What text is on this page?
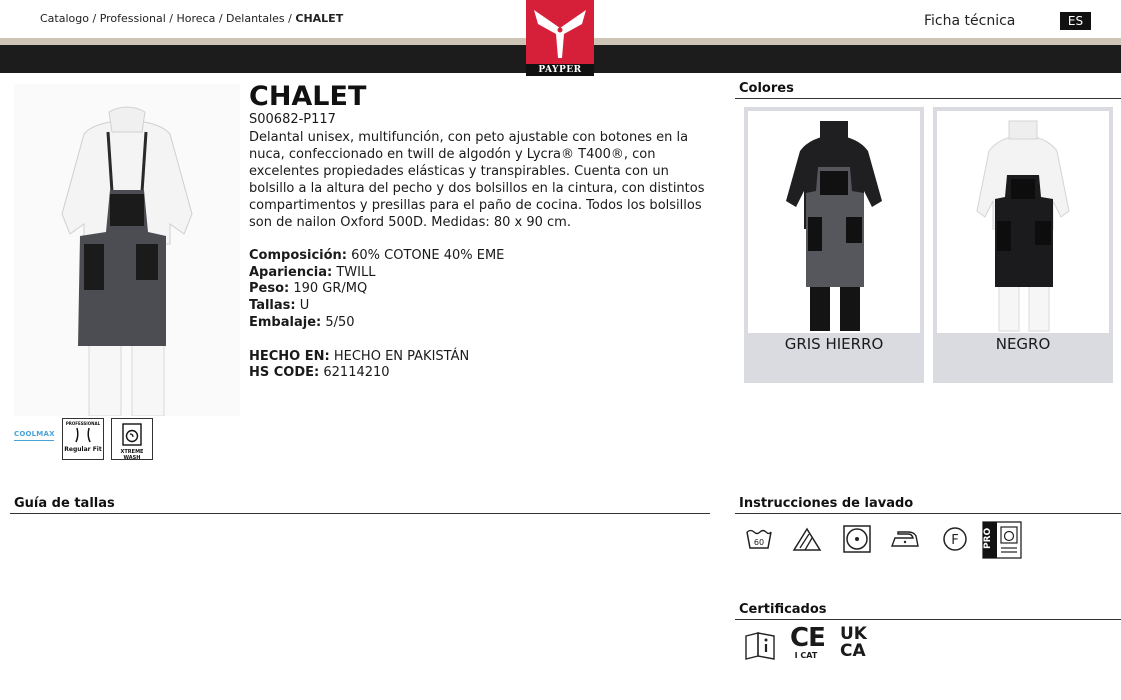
Catalogo / Professional / Horeca / Delantales / CHALET	Ficha técnica	ES
PAYPER
COOLMAX
PROFESSIONAL
Regular Fit	XTREME WASH
CHALET
S00682-P117
Delantal unisex, multifunción, con peto ajustable con botones en la nuca, confeccionado en twill de algodón y Lycra® T400®, con excelentes propiedades elásticas y transpirables. Cuenta con un bolsillo a la altura del pecho y dos bolsillos en la cintura, con distintos compartimentos y presillas para el paño de cocina. Todos los bolsillos son de nailon Oxford 500D. Medidas: 80 x 90 cm.
Composición: 60% COTONE 40% EME
Apariencia: TWILL
Peso: 190 GR/MQ
Tallas: U
Embalaje: 5/50
HECHO EN: HECHO EN PAKISTÁN
HS CODE: 62114210
Colores
GRIS HIERRO	NEGRO
Guía de tallas	Instrucciones de lavado
60	F	PRO
Certificados
CE
I CAT
UK
CA
